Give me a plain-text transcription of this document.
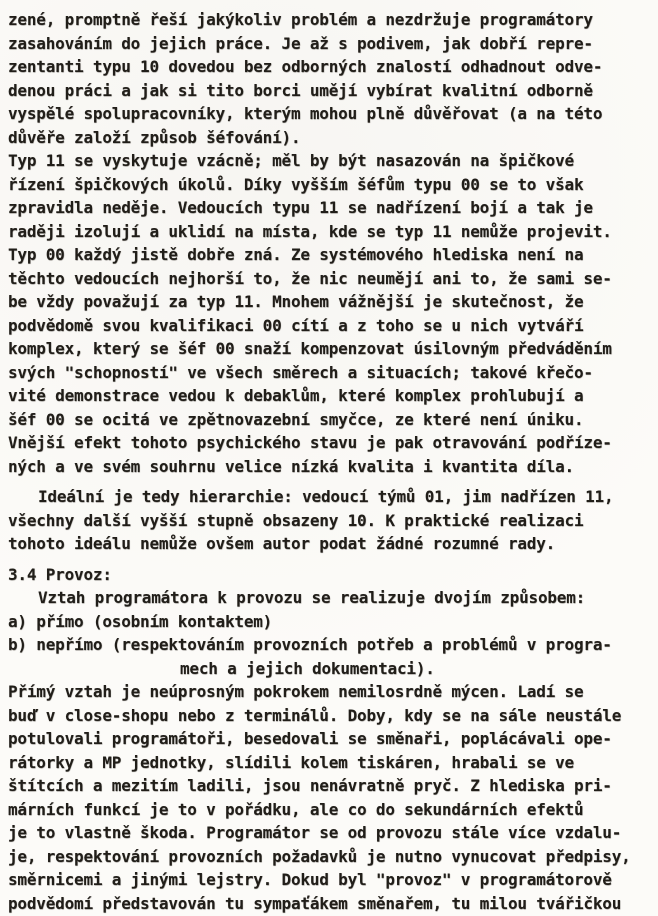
zené, promptně řeší jakýkoliv problém a nezdržuje programátory
zasahováním do jejich práce. Je až s podivem, jak dobří repre-
zentanti typu 10 dovedou bez odborných znalostí odhadnout odve-
denou práci a jak si tito borci umějí vybírat kvalitní odborně
vyspělé spolupracovníky, kterým mohou plně důvěřovat (a na této
důvěře založí způsob šéfování).
Typ 11 se vyskytuje vzácně; měl by být nasazován na špičkové
řízení špičkových úkolů. Díky vyšším šéfům typu 00 se to však
zpravidla neděje. Vedoucích typu 11 se nadřízení bojí a tak je
raději izolují a uklidí na místa, kde se typ 11 nemůže projevit.
Typ 00 každý jistě dobře zná. Ze systémového hlediska není na
těchto vedoucích nejhorší to, že nic neumějí ani to, že sami se-
be vždy považují za typ 11. Mnohem vážnější je skutečnost, že
podvědomě svou kvalifikaci 00 cítí a z toho se u nich vytváří
komplex, který se šéf 00 snaží kompenzovat úsilovným předváděním
svých "schopností" ve všech směrech a situacích; takové křečo-
vité demonstrace vedou k debaklům, které komplex prohlubují a
šéf 00 se ocitá ve zpětnovazební smyčce, ze které není úniku.
Vnější efekt tohoto psychického stavu je pak otravování podříze-
ných a ve svém souhrnu velice nízká kvalita i kvantita díla.
Ideální je tedy hierarchie: vedoucí týmů 01, jim nadřízen 11,
všechny další vyšší stupně obsazeny 10. K praktické realizaci
tohoto ideálu nemůže ovšem autor podat žádné rozumné rady.
3.4 Provoz:
Vztah programátora k provozu se realizuje dvojím způsobem:
a) přímo (osobním kontaktem)
b) nepřímo (respektováním provozních potřeb a problémů v progra-
mech a jejich dokumentaci).
Přímý vztah je neúprosným pokrokem nemilosrdně mýcen. Ladí se
buď v close-shopu nebo z terminálů. Doby, kdy se na sále neustále
potulovali programátoři, besedovali se směnaři, poplácávali ope-
rátorky a MP jednotky, slídili kolem tiskáren, hrabali se ve
štítcích a mezitím ladili, jsou nenávratně pryč. Z hlediska pri-
márních funkcí je to v pořádku, ale co do sekundárních efektů
je to vlastně škoda. Programátor se od provozu stále více vzdalu-
je, respektování provozních požadavků je nutno vynucovat předpisy,
směrnicemi a jinými lejstry. Dokud byl "provoz" v programátorově
podvědomí představován tu sympaťákem směnařem, tu milou tvářičkou
